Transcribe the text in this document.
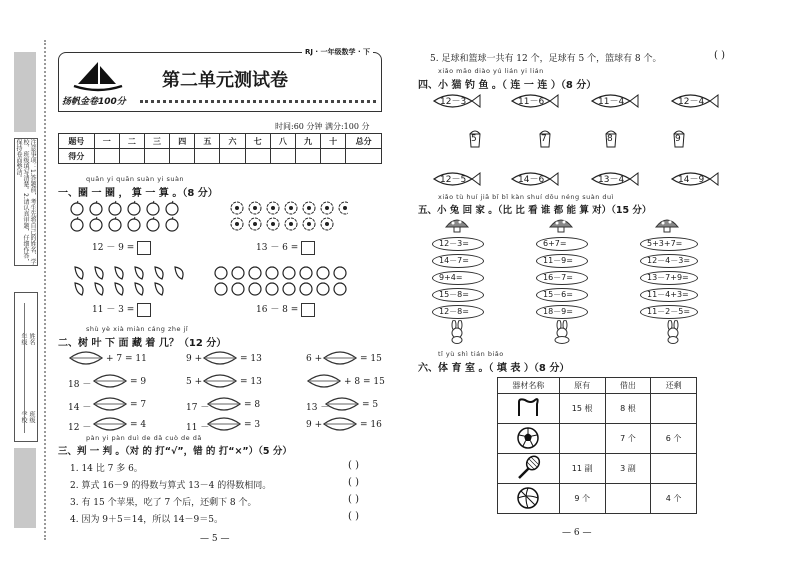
注意事项：1.答题前，考生先将自己的姓名、学校、班级填写清楚。2.请认真审题，仔细作答，保持卷面整洁。
学校 班级
年级 姓名
RJ · 一年级数学 · 下
扬帆金卷100分
第二单元测试卷
时间:60 分钟 满分:100 分
题号	一	二	三	四	五	六	七	八	九	十	总分
得分											
quān yi quān suàn yi suàn
一、圈 一 圈 ， 算 一 算 。（8 分）
12 － 9 =	13 － 6 =
11 － 3 =	16 － 8 =
shù yè xià miàn cáng zhe jǐ
二、树 叶 下 面 藏 着 几？（12 分）
+ 7 = 11	9 +	= 13	6 +	= 15
18 －	= 9	5 +	= 13	+ 8 = 15
14 －	= 7	17 －	= 8	13 －	= 5
12 －	= 4	11 －	= 3	9 +	= 16
pàn yi pàn duì de dǎ cuò de dǎ
三、判 一 判 。（对 的 打“√”，错 的 打“×”）（5 分）
1. 14 比 7 多 6。	( )
2. 算式 16－9 的得数与算式 13－4 的得数相同。	( )
3. 有 15 个苹果，吃了 7 个后，还剩下 8 个。	( )
4. 因为 9＋5＝14，所以 14－9＝5。	( )
— 5 —
5. 足球和篮球一共有 12 个，足球有 5 个，篮球有 8 个。	( )
xiǎo māo diào yú lián yi lián
四、小 猫 钓 鱼 。（ 连 一 连 ）（8 分）
12－3	11－6	11－4	12－4
5	7	8	9
12－5	14－6	13－4	14－9
xiǎo tù huí jiā bǐ bǐ kàn shuí dōu néng suàn duì
五、小 兔 回 家 。（比 比 看 谁 都 能 算 对）（15 分）
12－3=
14－7=
9+4=
15－8=
12－8=
6+7=
11－9=
16－7=
15－6=
18－9=
5+3+7=
12－4－3=
13－7+9=
11－4+3=
11－2－5=
tǐ yù shì tián biǎo
六、体 育 室 。（ 填 表 ）（8 分）
器材名称	原有	借出	还剩
	15 根	8 根	
		7 个	6 个
	11 副	3 副	
	9 个		4 个
— 6 —
